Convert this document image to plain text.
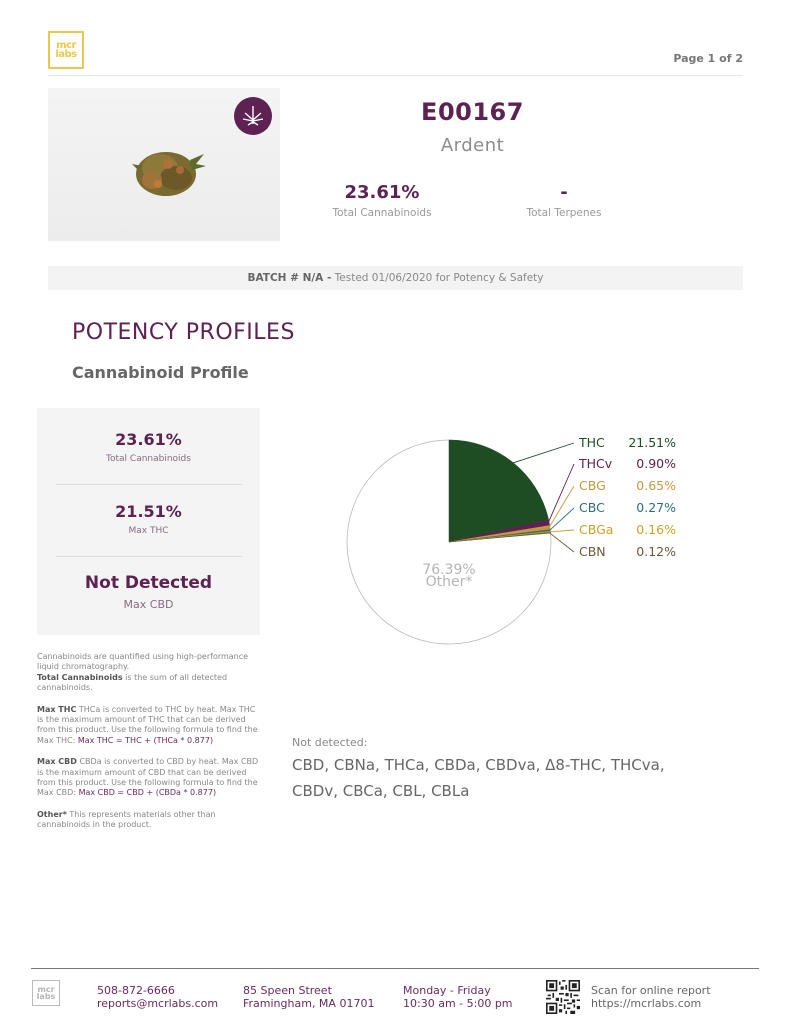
mcr labs	Page 1 of 2
E00167
Ardent
23.61%
Total Cannabinoids
-
Total Terpenes
BATCH # N/A - Tested 01/06/2020 for Potency & Safety
POTENCY PROFILES
Cannabinoid Profile
23.61%
Total Cannabinoids
21.51%
Max THC
Not Detected
Max CBD

Cannabinoids are quantified using high-performance liquid chromatography.
Total Cannabinoids is the sum of all detected cannabinoids.

Max THC THCa is converted to THC by heat. Max THC is the maximum amount of THC that can be derived from this product. Use the following formula to find the Max THC: Max THC = THC + (THCa * 0.877)

Max CBD CBDa is converted to CBD by heat. Max CBD is the maximum amount of CBD that can be derived from this product. Use the following formula to find the Max CBD: Max CBD = CBD + (CBDa * 0.877)

Other* This represents materials other than cannabinoids in the product.

THC 21.51%
THCv 0.90%
CBG 0.65%
CBC	0.27%
CBGa 0.16%
CBN 0.12%
76.39%
Other*
Not detected:
CBD, CBNa, THCa, CBDa, CBDva, Δ8-THC, THCva, CBDv, CBCa, CBL, CBLa
mcr labs	508-872-6666
reports@mcrlabs.com
85 Speen Street
Framingham, MA 01701
Monday - Friday
10:30 am - 5:00 pm
Scan for online report
https://mcrlabs.com
